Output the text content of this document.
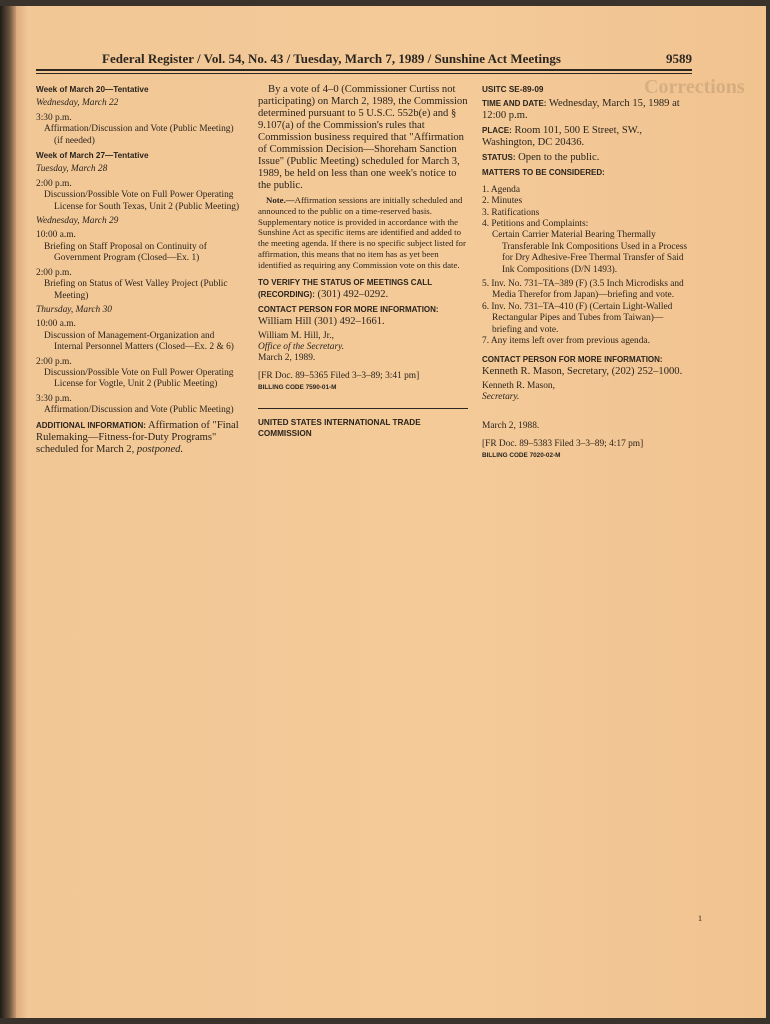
Corrections
Federal Register / Vol. 54, No. 43 / Tuesday, March 7, 1989 / Sunshine Act Meetings	9589

Week of March 20—Tentative

Wednesday, March 22

3:30 p.m.

Affirmation/Discussion and Vote (Public Meeting) (if needed)

Week of March 27—Tentative

Tuesday, March 28

2:00 p.m.

Discussion/Possible Vote on Full Power Operating License for South Texas, Unit 2 (Public Meeting)

Wednesday, March 29

10:00 a.m.

Briefing on Staff Proposal on Continuity of Government Program (Closed—Ex. 1)

2:00 p.m.

Briefing on Status of West Valley Project (Public Meeting)

Thursday, March 30

10:00 a.m.

Discussion of Management-Organization and Internal Personnel Matters (Closed—Ex. 2 & 6)

2:00 p.m.

Discussion/Possible Vote on Full Power Operating License for Vogtle, Unit 2 (Public Meeting)

3:30 p.m.

Affirmation/Discussion and Vote (Public Meeting)

ADDITIONAL INFORMATION: Affirmation of "Final Rulemaking—Fitness-for-Duty Programs" scheduled for March 2, postponed.

By a vote of 4–0 (Commissioner Curtiss not participating) on March 2, 1989, the Commission determined pursuant to 5 U.S.C. 552b(e) and § 9.107(a) of the Commission's rules that Commission business required that "Affirmation of Commission Decision—Shoreham Sanction Issue" (Public Meeting) scheduled for March 3, 1989, be held on less than one week's notice to the public.

Note.—Affirmation sessions are initially scheduled and announced to the public on a time-reserved basis. Supplementary notice is provided in accordance with the Sunshine Act as specific items are identified and added to the meeting agenda. If there is no specific subject listed for affirmation, this means that no item has as yet been identified as requiring any Commission vote on this date.

TO VERIFY THE STATUS OF MEETINGS CALL (RECORDING): (301) 492–0292.

CONTACT PERSON FOR MORE INFORMATION: William Hill (301) 492–1661.

William M. Hill, Jr.,

Office of the Secretary.

March 2, 1989.

[FR Doc. 89–5365 Filed 3–3–89; 3:41 pm]

BILLING CODE 7590-01-M

UNITED STATES INTERNATIONAL TRADE COMMISSION

USITC SE-89-09

TIME AND DATE: Wednesday, March 15, 1989 at 12:00 p.m.

PLACE: Room 101, 500 E Street, SW., Washington, DC 20436.

STATUS: Open to the public.

MATTERS TO BE CONSIDERED:

1. Agenda

2. Minutes

3. Ratifications

4. Petitions and Complaints:

Certain Carrier Material Bearing Thermally Transferable Ink Compositions Used in a Process for Dry Adhesive-Free Thermal Transfer of Said Ink Compositions (D/N 1493).

5. Inv. No. 731–TA–389 (F) (3.5 Inch Microdisks and Media Therefor from Japan)—briefing and vote.

6. Inv. No. 731–TA–410 (F) (Certain Light-Walled Rectangular Pipes and Tubes from Taiwan)—briefing and vote.

7. Any items left over from previous agenda.

CONTACT PERSON FOR MORE INFORMATION: Kenneth R. Mason, Secretary, (202) 252–1000.

Kenneth R. Mason,

Secretary.

March 2, 1988.

[FR Doc. 89–5383 Filed 3–3–89; 4:17 pm]

BILLING CODE 7020-02-M

1
